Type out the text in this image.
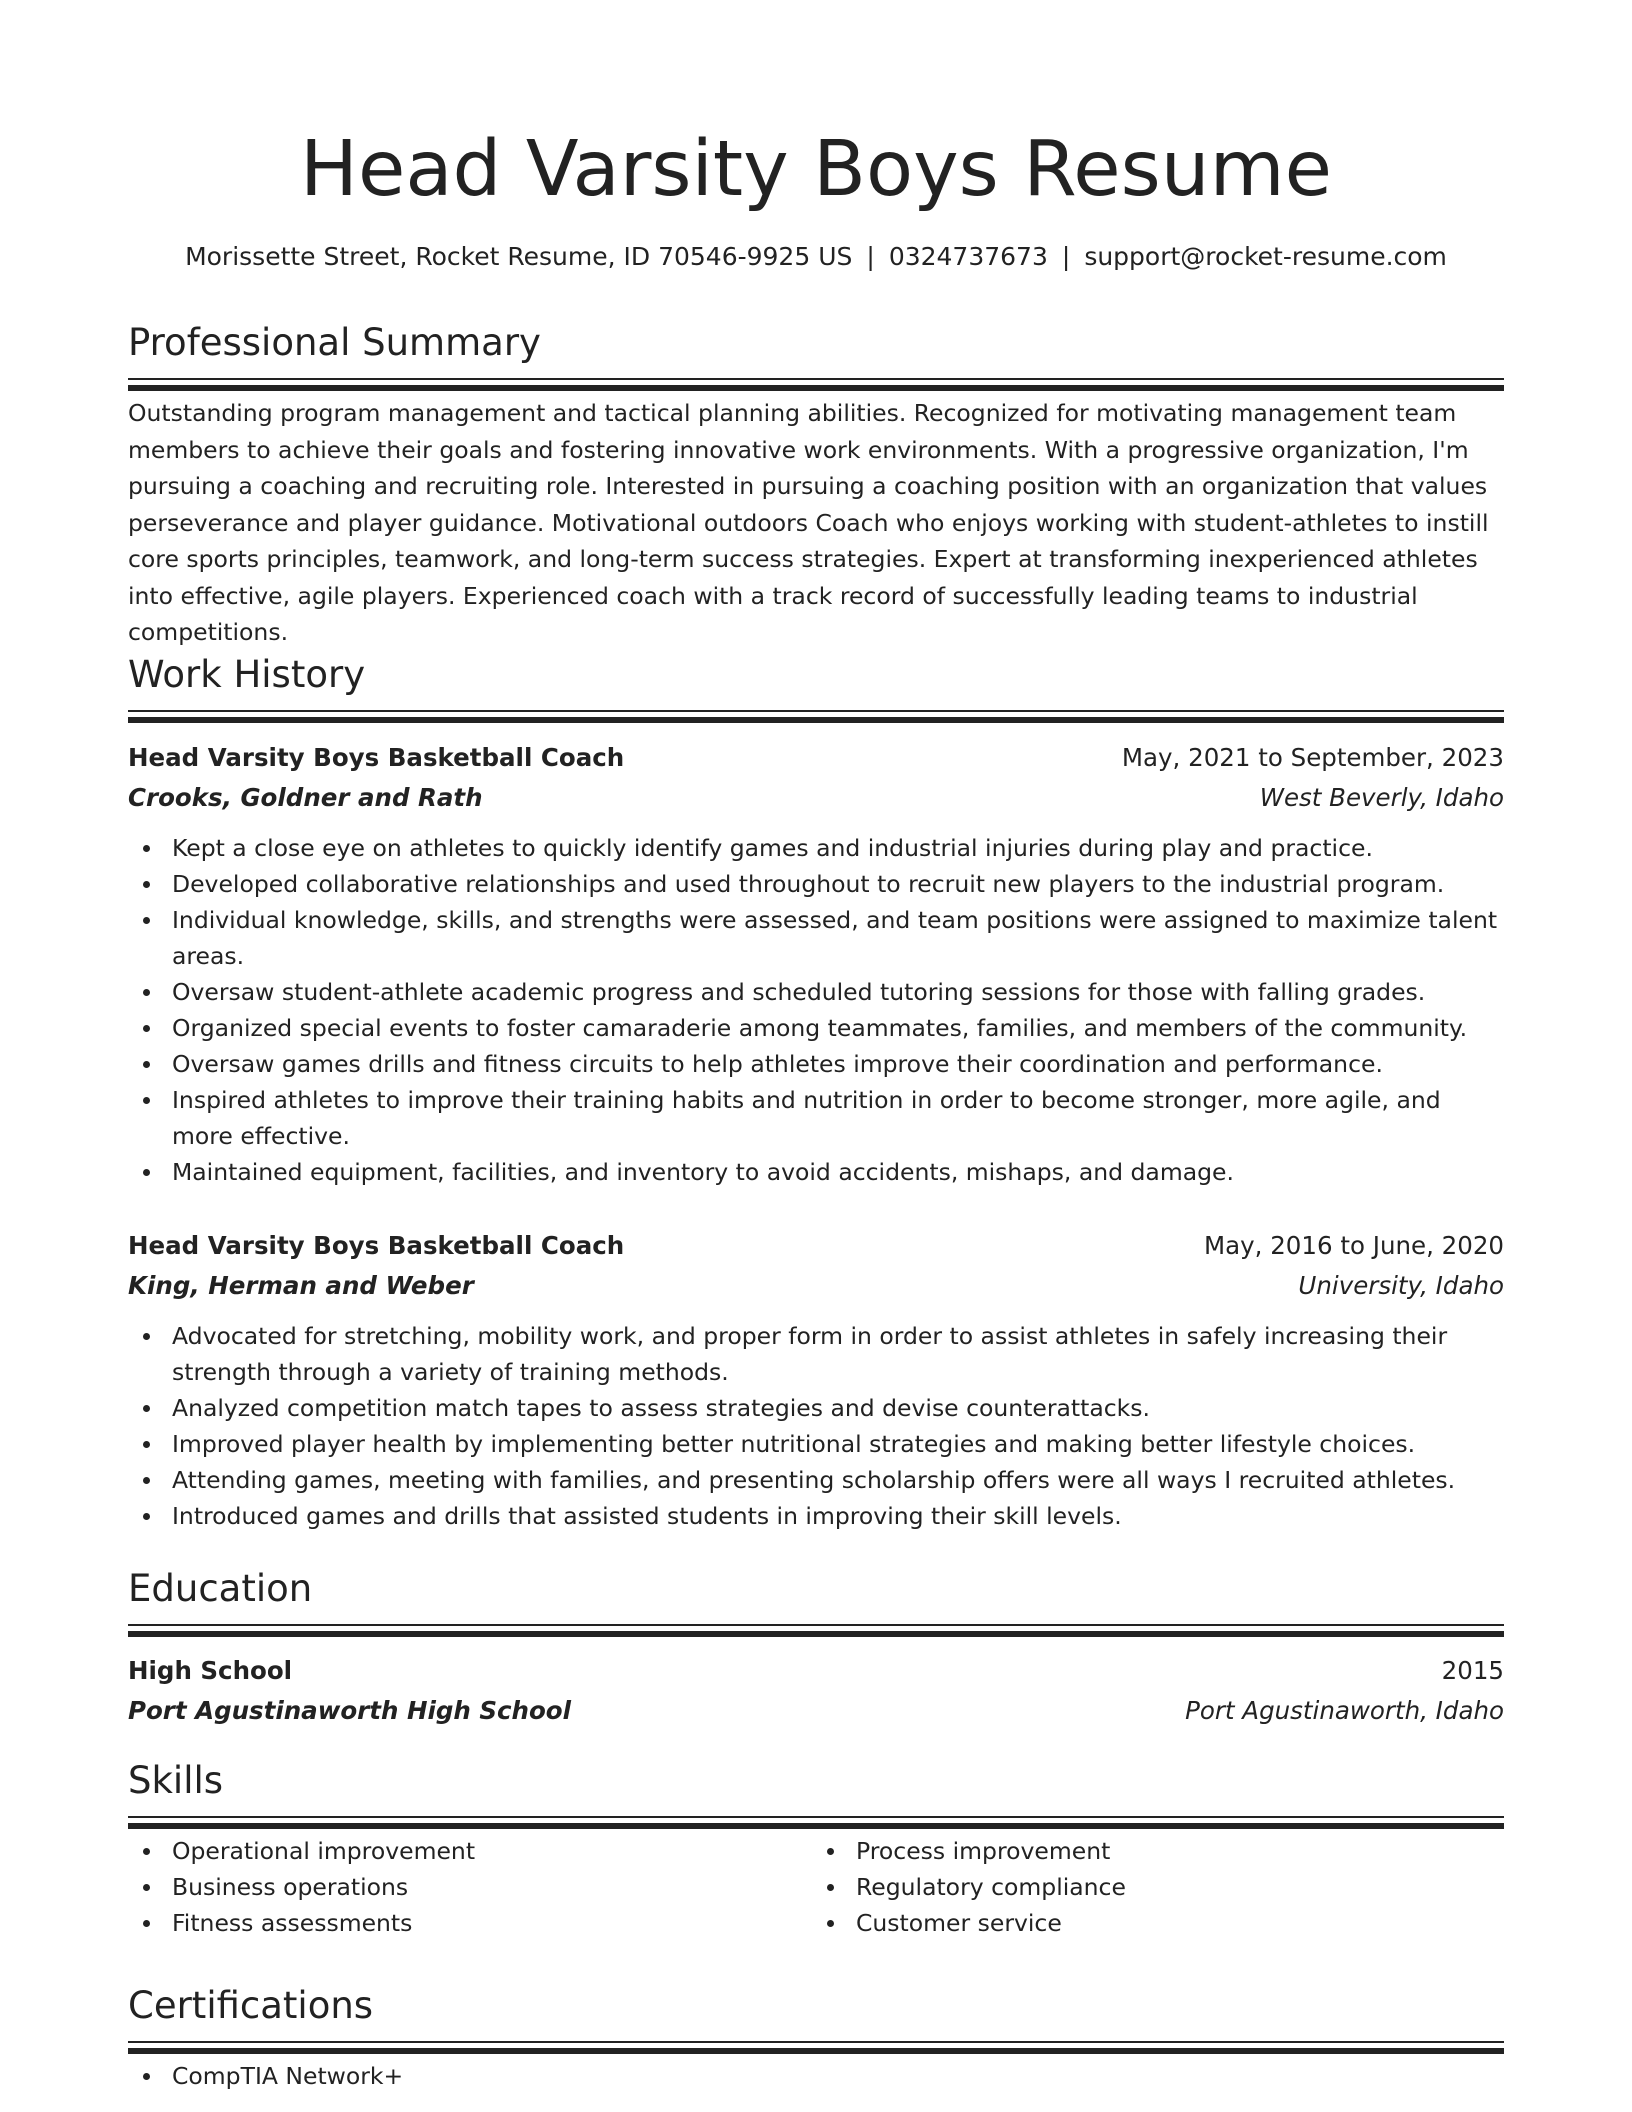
Head Varsity Boys Resume
Morissette Street, Rocket Resume, ID 70546-9925 US | 0324737673 | support@rocket-resume.com
Professional Summary

Outstanding program management and tactical planning abilities. Recognized for motivating management team members to achieve their goals and fostering innovative work environments. With a progressive organization, I'm pursuing a coaching and recruiting role. Interested in pursuing a coaching position with an organization that values perseverance and player guidance. Motivational outdoors Coach who enjoys working with student-athletes to instill core sports principles, teamwork, and long-term success strategies. Expert at transforming inexperienced athletes into effective, agile players. Experienced coach with a track record of successfully leading teams to industrial competitions.

Work History
Head Varsity Boys Basketball Coach	May, 2021 to September, 2023
Crooks, Goldner and Rath	West Beverly, Idaho
Kept a close eye on athletes to quickly identify games and industrial injuries during play and practice.
Developed collaborative relationships and used throughout to recruit new players to the industrial program.
Individual knowledge, skills, and strengths were assessed, and team positions were assigned to maximize talent areas.
Oversaw student-athlete academic progress and scheduled tutoring sessions for those with falling grades.
Organized special events to foster camaraderie among teammates, families, and members of the community.
Oversaw games drills and fitness circuits to help athletes improve their coordination and performance.
Inspired athletes to improve their training habits and nutrition in order to become stronger, more agile, and more effective.
Maintained equipment, facilities, and inventory to avoid accidents, mishaps, and damage.
Head Varsity Boys Basketball Coach	May, 2016 to June, 2020
King, Herman and Weber	University, Idaho
Advocated for stretching, mobility work, and proper form in order to assist athletes in safely increasing their strength through a variety of training methods.
Analyzed competition match tapes to assess strategies and devise counterattacks.
Improved player health by implementing better nutritional strategies and making better lifestyle choices.
Attending games, meeting with families, and presenting scholarship offers were all ways I recruited athletes.
Introduced games and drills that assisted students in improving their skill levels.
Education
High School	2015
Port Agustinaworth High School	Port Agustinaworth, Idaho
Skills
Operational improvement
Business operations
Fitness assessments
Process improvement
Regulatory compliance
Customer service
Certifications
CompTIA Network+
